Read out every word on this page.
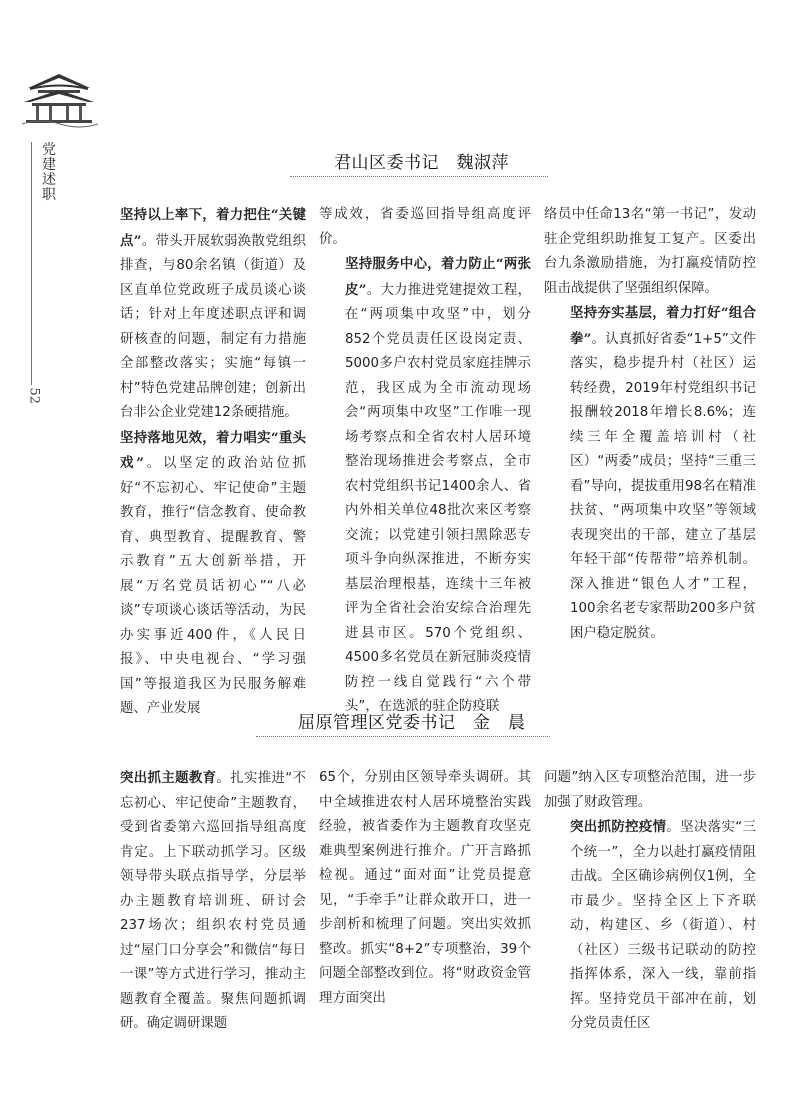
党建
述职
52
君山区委书记　魏淑萍

坚持以上率下，着力把住“关键点”。带头开展软弱涣散党组织排查，与80余名镇（街道）及区直单位党政班子成员谈心谈话；针对上年度述职点评和调研核查的问题，制定有力措施全部整改落实；实施“每镇一村”特色党建品牌创建；创新出台非公企业党建12条硬措施。

坚持落地见效，着力唱实“重头戏”。以坚定的政治站位抓好“不忘初心、牢记使命”主题教育，推行“信念教育、使命教育、典型教育、提醒教育、警示教育”五大创新举措，开展“万名党员话初心”“八必谈”专项谈心谈话等活动，为民办实事近400件，《人民日报》、中央电视台、“学习强国”等报道我区为民服务解难题、产业发展

等成效，省委巡回指导组高度评价。

坚持服务中心，着力防止“两张皮”。大力推进党建提效工程，在“两项集中攻坚”中，划分852个党员责任区设岗定责、5000多户农村党员家庭挂牌示范，我区成为全市流动现场会“两项集中攻坚”工作唯一现场考察点和全省农村人居环境整治现场推进会考察点，全市农村党组织书记1400余人、省内外相关单位48批次来区考察交流；以党建引领扫黑除恶专项斗争向纵深推进，不断夯实基层治理根基，连续十三年被评为全省社会治安综合治理先进县市区。570个党组织、4500多名党员在新冠肺炎疫情防控一线自觉践行“六个带头”，在选派的驻企防疫联

络员中任命13名“第一书记”，发动驻企党组织助推复工复产。区委出台九条激励措施，为打赢疫情防控阻击战提供了坚强组织保障。

坚持夯实基层，着力打好“组合拳”。认真抓好省委“1+5”文件落实，稳步提升村（社区）运转经费，2019年村党组织书记报酬较2018年增长8.6%；连续三年全覆盖培训村（社区）“两委”成员；坚持“三重三看”导向，提拔重用98名在精准扶贫、“两项集中攻坚”等领域表现突出的干部，建立了基层年轻干部“传帮带”培养机制。深入推进“银色人才”工程，100余名老专家帮助200多户贫困户稳定脱贫。

屈原管理区党委书记　金　晨

突出抓主题教育。扎实推进“不忘初心、牢记使命”主题教育，受到省委第六巡回指导组高度肯定。上下联动抓学习。区级领导带头联点指导学，分层举办主题教育培训班、研讨会237场次；组织农村党员通过“屋门口分享会”和微信“每日一课”等方式进行学习，推动主题教育全覆盖。聚焦问题抓调研。确定调研课题

65个，分别由区领导牵头调研。其中全域推进农村人居环境整治实践经验，被省委作为主题教育攻坚克难典型案例进行推介。广开言路抓检视。通过“面对面”让党员提意见，“手牵手”让群众敢开口，进一步剖析和梳理了问题。突出实效抓整改。抓实“8+2”专项整治，39个问题全部整改到位。将“财政资金管理方面突出

问题”纳入区专项整治范围，进一步加强了财政管理。

突出抓防控疫情。坚决落实“三个统一”，全力以赴打赢疫情阻击战。全区确诊病例仅1例，全市最少。坚持全区上下齐联动，构建区、乡（街道）、村（社区）三级书记联动的防控指挥体系，深入一线，靠前指挥。坚持党员干部冲在前，划分党员责任区
